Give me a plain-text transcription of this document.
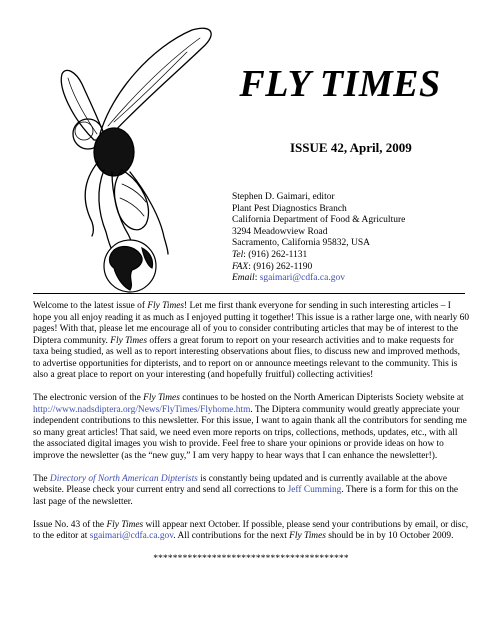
FLY TIMES

ISSUE 42, April, 2009

Stephen D. Gaimari, editor
Plant Pest Diagnostics Branch
California Department of Food & Agriculture
3294 Meadowview Road
Sacramento, California 95832, USA
Tel: (916) 262-1131
FAX: (916) 262-1190
Email: sgaimari@cdfa.ca.gov

Welcome to the latest issue of Fly Times! Let me first thank everyone for sending in such interesting articles – I hope you all enjoy reading it as much as I enjoyed putting it together! This issue is a rather large one, with nearly 60 pages! With that, please let me encourage all of you to consider contributing articles that may be of interest to the Diptera community. Fly Times offers a great forum to report on your research activities and to make requests for taxa being studied, as well as to report interesting observations about flies, to discuss new and improved methods, to advertise opportunities for dipterists, and to report on or announce meetings relevant to the community. This is also a great place to report on your interesting (and hopefully fruitful) collecting activities!

The electronic version of the Fly Times continues to be hosted on the North American Dipterists Society website at http://www.nadsdiptera.org/News/FlyTimes/Flyhome.htm. The Diptera community would greatly appreciate your independent contributions to this newsletter. For this issue, I want to again thank all the contributors for sending me so many great articles! That said, we need even more reports on trips, collections, methods, updates, etc., with all the associated digital images you wish to provide. Feel free to share your opinions or provide ideas on how to improve the newsletter (as the “new guy,” I am very happy to hear ways that I can enhance the newsletter!).

The Directory of North American Dipterists is constantly being updated and is currently available at the above website. Please check your current entry and send all corrections to Jeff Cumming. There is a form for this on the last page of the newsletter.

Issue No. 43 of the Fly Times will appear next October. If possible, please send your contributions by email, or disc, to the editor at sgaimari@cdfa.ca.gov. All contributions for the next Fly Times should be in by 10 October 2009.

****************************************
